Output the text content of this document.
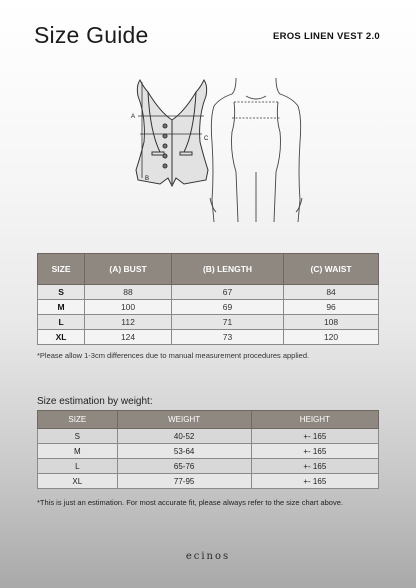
Size Guide	EROS LINEN VEST 2.0
A
C
B
SIZE	(A) BUST	(B) LENGTH	(C) WAIST
S	88	67	84
M	100	69	96
L	112	71	108
XL	124	73	120
*Please allow 1-3cm differences due to manual measurement procedures applied.
Size estimation by weight:
SIZE	WEIGHT	HEIGHT
S	40-52	+- 165
M	53-64	+- 165
L	65-76	+- 165
XL	77-95	+- 165
*This is just an estimation. For most accurate fit, please always refer to the size chart above.
ecinos
